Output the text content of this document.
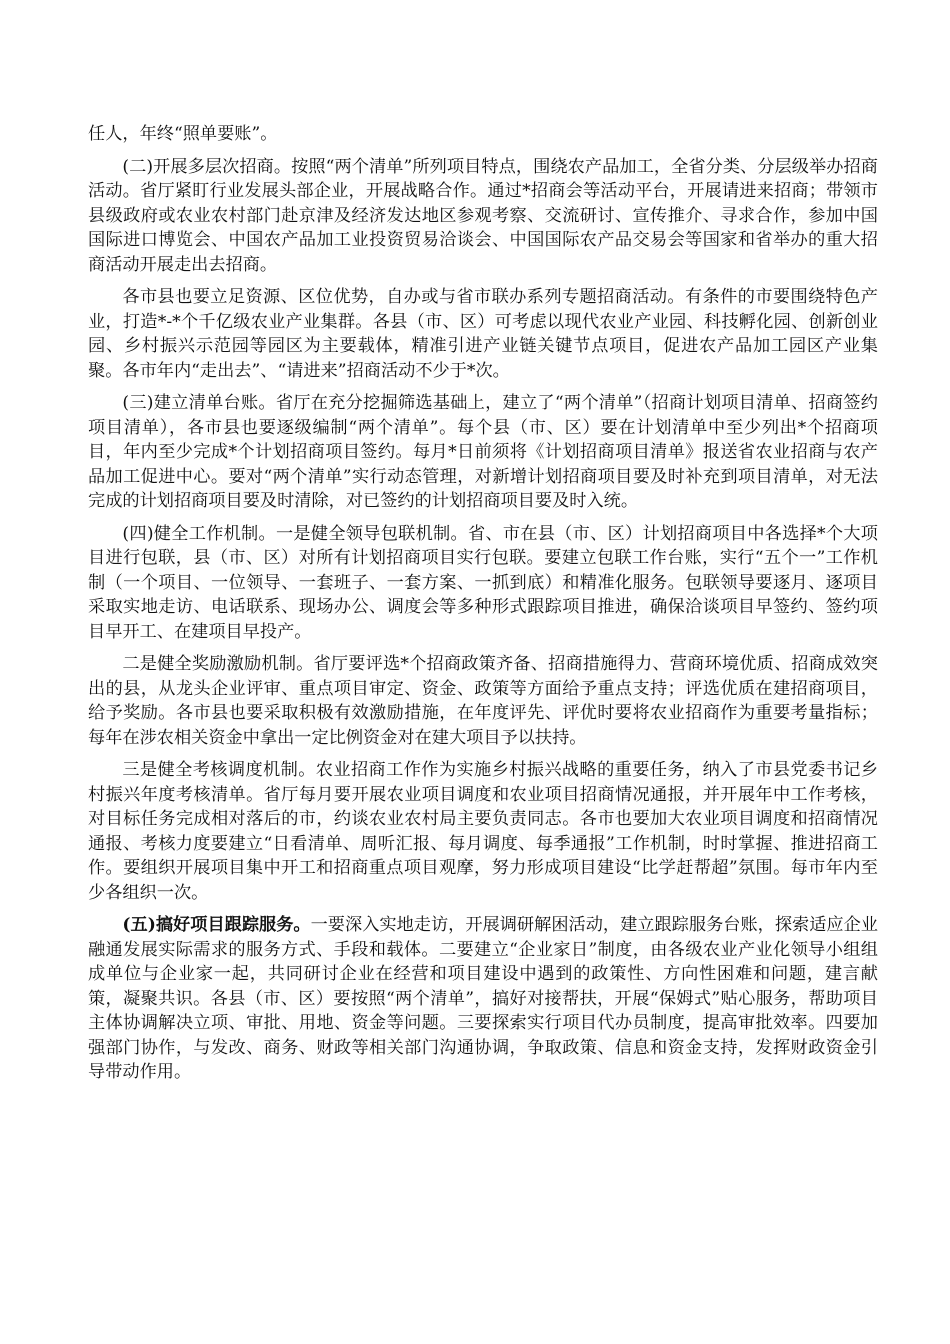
任人，年终“照单要账”。

(二)开展多层次招商。按照“两个清单”所列项目特点，围绕农产品加工，全省分类、分层级举办招商活动。省厅紧盯行业发展头部企业，开展战略合作。通过*招商会等活动平台，开展请进来招商；带领市县级政府或农业农村部门赴京津及经济发达地区参观考察、交流研讨、宣传推介、寻求合作，参加中国国际进口博览会、中国农产品加工业投资贸易洽谈会、中国国际农产品交易会等国家和省举办的重大招商活动开展走出去招商。

各市县也要立足资源、区位优势，自办或与省市联办系列专题招商活动。有条件的市要围绕特色产业，打造*-*个千亿级农业产业集群。各县（市、区）可考虑以现代农业产业园、科技孵化园、创新创业园、乡村振兴示范园等园区为主要载体，精准引进产业链关键节点项目，促进农产品加工园区产业集聚。各市年内“走出去”、“请进来”招商活动不少于*次。

(三)建立清单台账。省厅在充分挖掘筛选基础上，建立了“两个清单”（招商计划项目清单、招商签约项目清单），各市县也要逐级编制“两个清单”。每个县（市、区）要在计划清单中至少列出*个招商项目，年内至少完成*个计划招商项目签约。每月*日前须将《计划招商项目清单》报送省农业招商与农产品加工促进中心。要对“两个清单”实行动态管理，对新增计划招商项目要及时补充到项目清单，对无法完成的计划招商项目要及时清除，对已签约的计划招商项目要及时入统。

(四)健全工作机制。一是健全领导包联机制。省、市在县（市、区）计划招商项目中各选择*个大项目进行包联，县（市、区）对所有计划招商项目实行包联。要建立包联工作台账，实行“五个一”工作机制（一个项目、一位领导、一套班子、一套方案、一抓到底）和精准化服务。包联领导要逐月、逐项目采取实地走访、电话联系、现场办公、调度会等多种形式跟踪项目推进，确保洽谈项目早签约、签约项目早开工、在建项目早投产。

二是健全奖励激励机制。省厅要评选*个招商政策齐备、招商措施得力、营商环境优质、招商成效突出的县，从龙头企业评审、重点项目审定、资金、政策等方面给予重点支持；评选优质在建招商项目，给予奖励。各市县也要采取积极有效激励措施，在年度评先、评优时要将农业招商作为重要考量指标；每年在涉农相关资金中拿出一定比例资金对在建大项目予以扶持。

三是健全考核调度机制。农业招商工作作为实施乡村振兴战略的重要任务，纳入了市县党委书记乡村振兴年度考核清单。省厅每月要开展农业项目调度和农业项目招商情况通报，并开展年中工作考核，对目标任务完成相对落后的市，约谈农业农村局主要负责同志。各市也要加大农业项目调度和招商情况通报、考核力度要建立“日看清单、周听汇报、每月调度、每季通报”工作机制，时时掌握、推进招商工作。要组织开展项目集中开工和招商重点项目观摩，努力形成项目建设“比学赶帮超”氛围。每市年内至少各组织一次。

(五)搞好项目跟踪服务。一要深入实地走访，开展调研解困活动，建立跟踪服务台账，探索适应企业融通发展实际需求的服务方式、手段和载体。二要建立“企业家日”制度，由各级农业产业化领导小组组成单位与企业家一起，共同研讨企业在经营和项目建设中遇到的政策性、方向性困难和问题，建言献策，凝聚共识。各县（市、区）要按照“两个清单”，搞好对接帮扶，开展“保姆式”贴心服务，帮助项目主体协调解决立项、审批、用地、资金等问题。三要探索实行项目代办员制度，提高审批效率。四要加强部门协作，与发改、商务、财政等相关部门沟通协调，争取政策、信息和资金支持，发挥财政资金引导带动作用。
